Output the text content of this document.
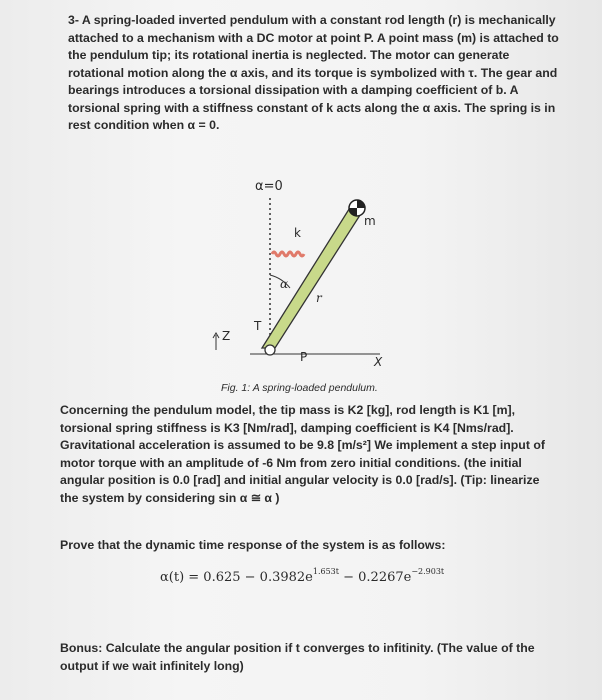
3- A spring-loaded inverted pendulum with a constant rod length (r) is mechanically attached to a mechanism with a DC motor at point P. A point mass (m) is attached to the pendulum tip; its rotational inertia is neglected. The motor can generate rotational motion along the α axis, and its torque is symbolized with τ. The gear and bearings introduces a torsional dissipation with a damping coefficient of b. A torsional spring with a stiffness constant of k acts along the α axis. The spring is in rest condition when α = 0.

α=0
m
k
α
r
T
Z
P	X
Fig. 1: A spring-loaded pendulum.

Concerning the pendulum model, the tip mass is K2 [kg], rod length is K1 [m], torsional spring stiffness is K3 [Nm/rad], damping coefficient is K4 [Nms/rad]. Gravitational acceleration is assumed to be 9.8 [m/s²] We implement a step input of motor torque with an amplitude of -6 Nm from zero initial conditions. (the initial angular position is 0.0 [rad] and initial angular velocity is 0.0 [rad/s]. (Tip: linearize the system by considering sin α ≅ α )

Prove that the dynamic time response of the system is as follows:

$\alpha(t) = 0.625 - 0.3982e^{1.653t} - 0.2267e^{-2.903t}$

Bonus: Calculate the angular position if t converges to infitinity. (The value of the output if we wait infinitely long)
